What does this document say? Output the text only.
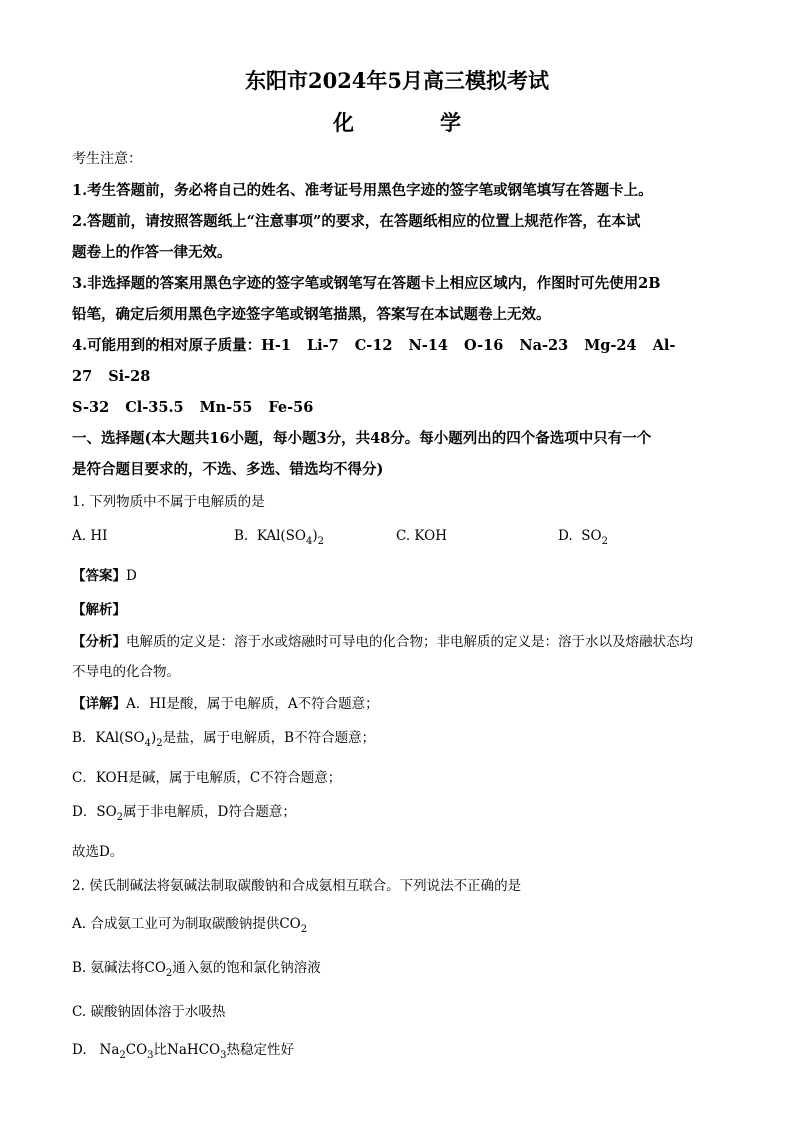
东阳市2024年5月高三模拟考试
化	学
考生注意：
1.考生答题前，务必将自己的姓名、准考证号用黑色字迹的签字笔或钢笔填写在答题卡上。
2.答题前，请按照答题纸上“注意事项”的要求，在答题纸相应的位置上规范作答，在本试
题卷上的作答一律无效。
3.非选择题的答案用黑色字迹的签字笔或钢笔写在答题卡上相应区域内，作图时可先使用2B
铅笔，确定后须用黑色字迹签字笔或钢笔描黑，答案写在本试题卷上无效。
4.可能用到的相对原子质量：H-1 Li-7 C-12 N-14 O-16 Na-23 Mg-24 Al-27 Si-28
S-32 Cl-35.5 Mn-55 Fe-56
一、选择题(本大题共16小题，每小题3分，共48分。每小题列出的四个备选项中只有一个
是符合题目要求的，不选、多选、错选均不得分)
1. 下列物质中不属于电解质的是
A. HI	B. $KAl(SO_4)_2$	C. KOH	D. $SO_2$
【答案】D
【解析】
【分析】电解质的定义是：溶于水或熔融时可导电的化合物；非电解质的定义是：溶于水以及熔融状态均
不导电的化合物。
【详解】A．HI是酸，属于电解质，A不符合题意；
B．$KAl(SO_4)_2$是盐，属于电解质，B不符合题意；
C．KOH是碱，属于电解质，C不符合题意；
D．$SO_2$属于非电解质，D符合题意；
故选D。
2. 侯氏制碱法将氨碱法制取碳酸钠和合成氨相互联合。下列说法不正确的是
A. 合成氨工业可为制取碳酸钠提供$CO_2$
B. 氨碱法将$CO_2$通入氨的饱和氯化钠溶液
C. 碳酸钠固体溶于水吸热
D. $Na_2CO_3$比NaHCO$_3$热稳定性好
